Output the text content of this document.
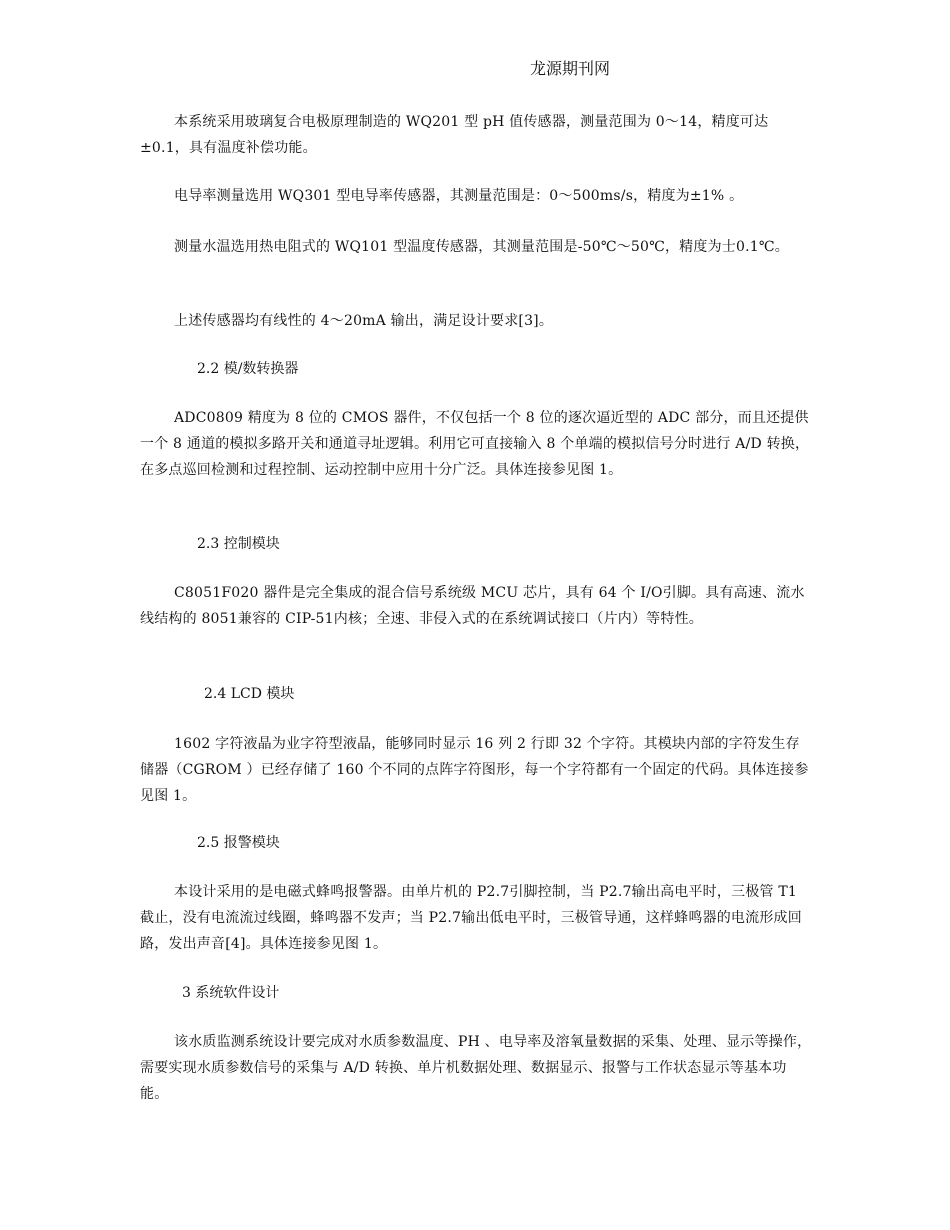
龙源期刊网
本系统采用玻璃复合电极原理制造的 WQ201 型 pH 值传感器，测量范围为 0～14，精度可达±0.1，具有温度补偿功能。
电导率测量选用 WQ301 型电导率传感器，其测量范围是：0～500ms/s，精度为±1% 。
测量水温选用热电阻式的 WQ101 型温度传感器，其测量范围是-50℃～50℃，精度为士0.1℃。
上述传感器均有线性的 4～20mA 输出，满足设计要求[3]。
2.2 模/数转换器
ADC0809 精度为 8 位的 CMOS 器件，不仅包括一个 8 位的逐次逼近型的 ADC 部分，而且还提供一个 8 通道的模拟多路开关和通道寻址逻辑。利用它可直接输入 8 个单端的模拟信号分时进行 A/D 转换，在多点巡回检测和过程控制、运动控制中应用十分广泛。具体连接参见图 1。
2.3 控制模块
C8051F020 器件是完全集成的混合信号系统级 MCU 芯片，具有 64 个 I/O引脚。具有高速、流水线结构的 8051兼容的 CIP-51内核；全速、非侵入式的在系统调试接口（片内）等特性。
2.4 LCD 模块
1602 字符液晶为业字符型液晶，能够同时显示 16 列 2 行即 32 个字符。其模块内部的字符发生存储器（CGROM ）已经存储了 160 个不同的点阵字符图形，每一个字符都有一个固定的代码。具体连接参见图 1。
2.5 报警模块
本设计采用的是电磁式蜂鸣报警器。由单片机的 P2.7引脚控制，当 P2.7输出高电平时，三极管 T1 截止，没有电流流过线圈，蜂鸣器不发声；当 P2.7输出低电平时，三极管导通，这样蜂鸣器的电流形成回路，发出声音[4]。具体连接参见图 1。
3 系统软件设计
该水质监测系统设计要完成对水质参数温度、PH 、电导率及溶氧量数据的采集、处理、显示等操作，需要实现水质参数信号的采集与 A/D 转换、单片机数据处理、数据显示、报警与工作状态显示等基本功能。
